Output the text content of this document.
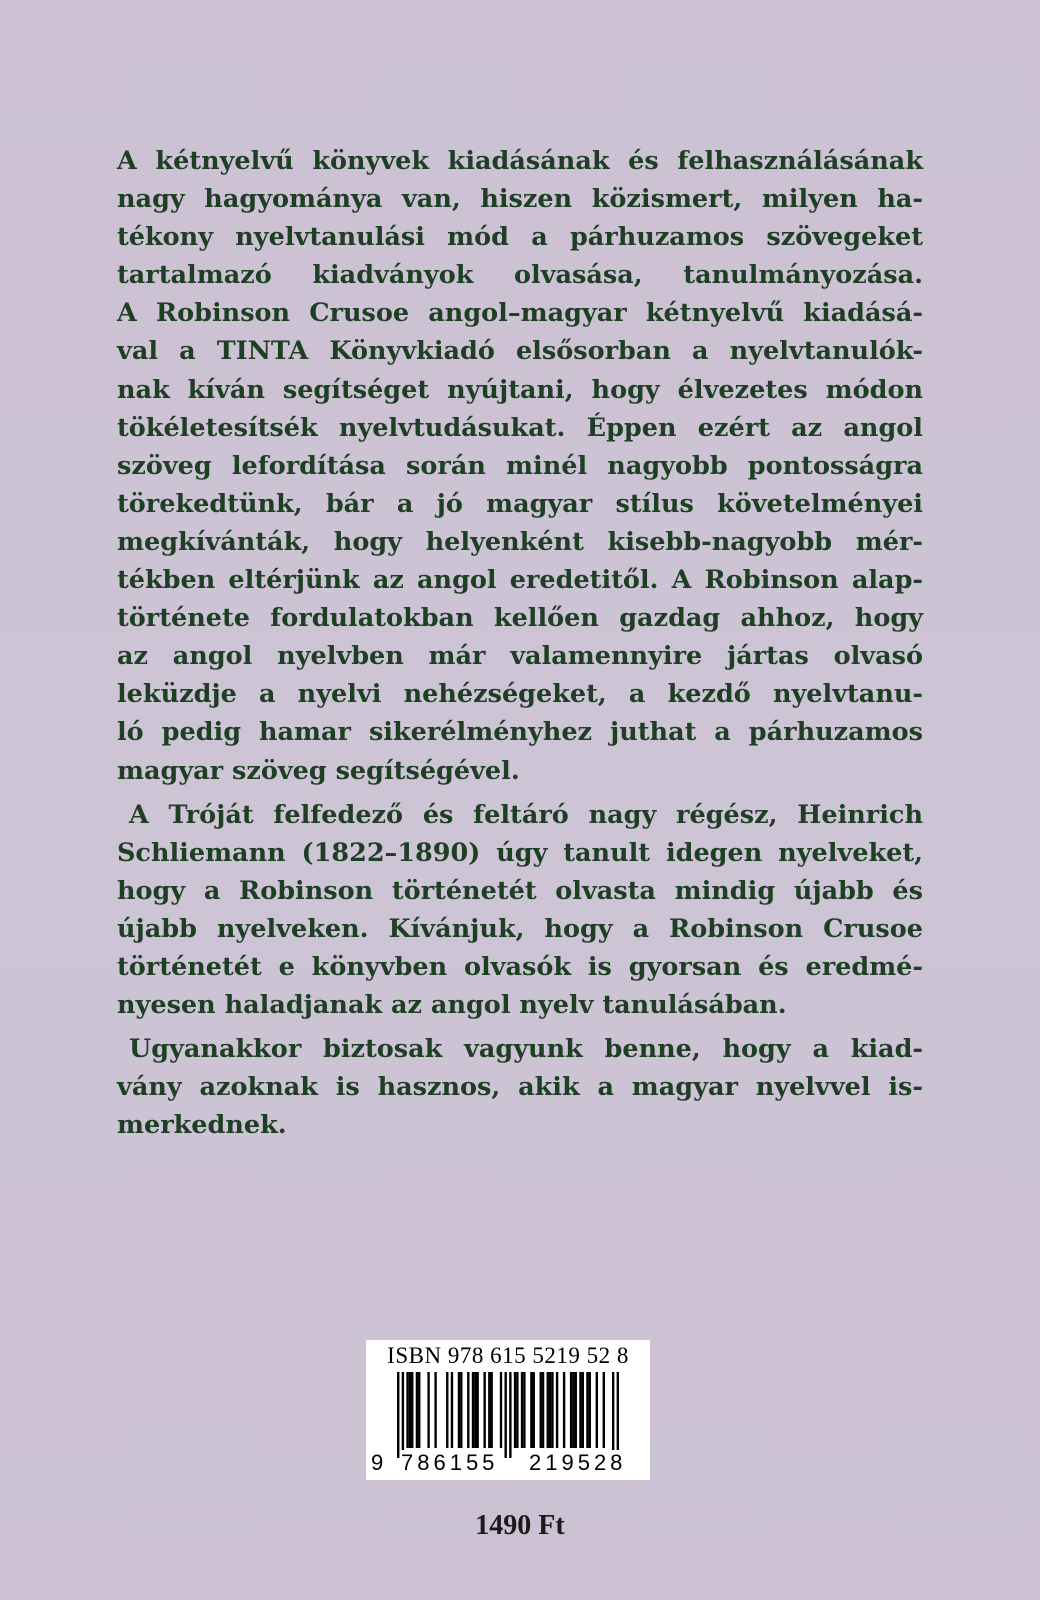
A kétnyelvű könyvek kiadásának és felhasználásának
nagy hagyománya van, hiszen közismert, milyen ha-
tékony nyelvtanulási mód a párhuzamos szövegeket
tartalmazó kiadványok olvasása, tanulmányozása.
A Robinson Crusoe angol–magyar kétnyelvű kiadásá-
val a TINTA Könyvkiadó elsősorban a nyelvtanulók-
nak kíván segítséget nyújtani, hogy élvezetes módon
tökéletesítsék nyelvtudásukat. Éppen ezért az angol
szöveg lefordítása során minél nagyobb pontosságra
törekedtünk, bár a jó magyar stílus követelményei
megkívánták, hogy helyenként kisebb-nagyobb mér-
tékben eltérjünk az angol eredetitől. A Robinson alap-
története fordulatokban kellően gazdag ahhoz, hogy
az angol nyelvben már valamennyire jártas olvasó
leküzdje a nyelvi nehézségeket, a kezdő nyelvtanu-
ló pedig hamar sikerélményhez juthat a párhuzamos
magyar szöveg segítségével.

A Tróját felfedező és feltáró nagy régész, Heinrich
Schliemann (1822–1890) úgy tanult idegen nyelveket,
hogy a Robinson történetét olvasta mindig újabb és
újabb nyelveken. Kívánjuk, hogy a Robinson Crusoe
történetét e könyvben olvasók is gyorsan és eredmé-
nyesen haladjanak az angol nyelv tanulásában.

Ugyanakkor biztosak vagyunk benne, hogy a kiad-
vány azoknak is hasznos, akik a magyar nyelvvel is-
merkednek.

ISBN 978 615 5219 52 8
9 786155 219528
1490 Ft
